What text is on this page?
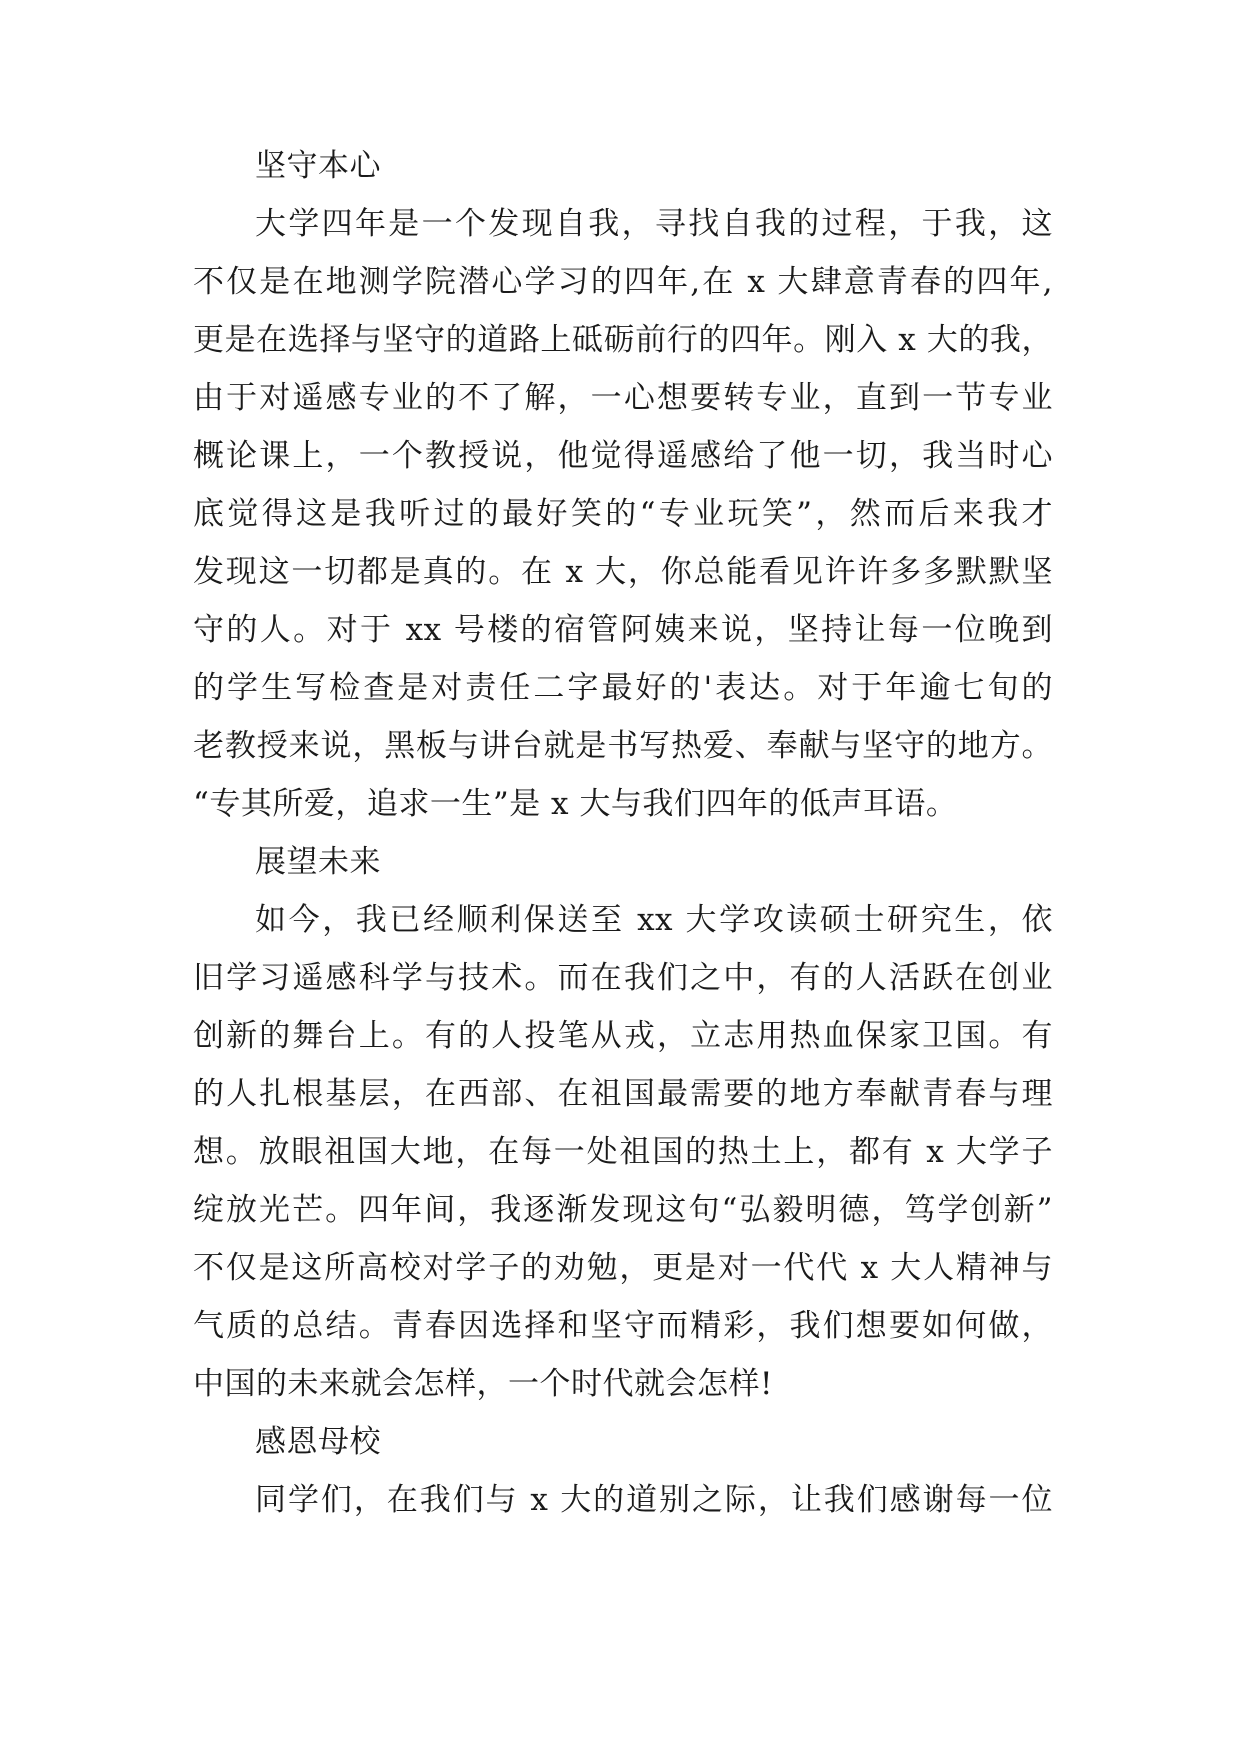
坚守本心
大学四年是一个发现自我，寻找自我的过程，于我，这
不仅是在地测学院潜心学习的四年,在 x 大肆意青春的四年,
更是在选择与坚守的道路上砥砺前行的四年。刚入 x 大的我，
由于对遥感专业的不了解，一心想要转专业，直到一节专业
概论课上，一个教授说，他觉得遥感给了他一切，我当时心
底觉得这是我听过的最好笑的“专业玩笑”，然而后来我才
发现这一切都是真的。在 x 大，你总能看见许许多多默默坚
守的人。对于 xx 号楼的宿管阿姨来说，坚持让每一位晚到
的学生写检查是对责任二字最好的'表达。对于年逾七旬的
老教授来说，黑板与讲台就是书写热爱、奉献与坚守的地方。
“专其所爱，追求一生”是 x 大与我们四年的低声耳语。
展望未来
如今，我已经顺利保送至 xx 大学攻读硕士研究生，依
旧学习遥感科学与技术。而在我们之中，有的人活跃在创业
创新的舞台上。有的人投笔从戎，立志用热血保家卫国。有
的人扎根基层，在西部、在祖国最需要的地方奉献青春与理
想。放眼祖国大地，在每一处祖国的热土上，都有 x 大学子
绽放光芒。四年间，我逐渐发现这句“弘毅明德，笃学创新”
不仅是这所高校对学子的劝勉，更是对一代代 x 大人精神与
气质的总结。青春因选择和坚守而精彩，我们想要如何做，
中国的未来就会怎样，一个时代就会怎样!
感恩母校
同学们，在我们与 x 大的道别之际，让我们感谢每一位
